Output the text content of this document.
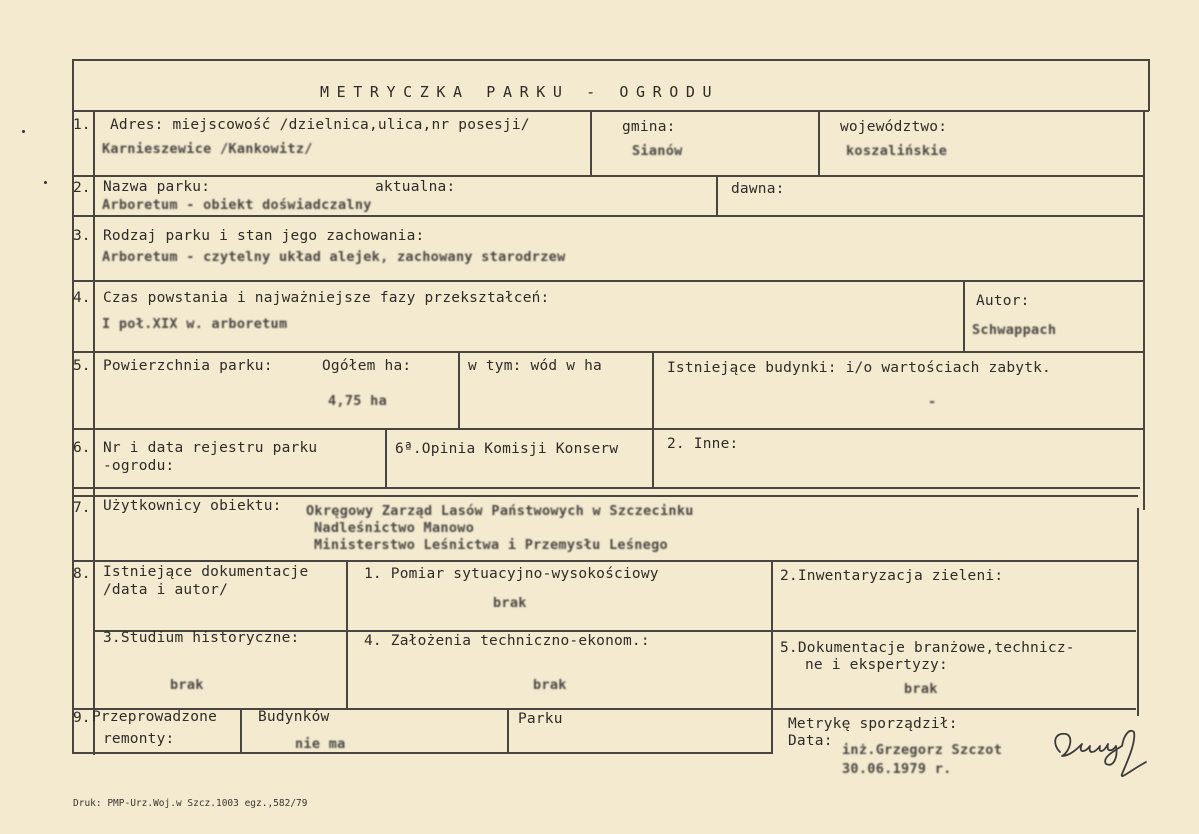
METRYCZKA PARKU - OGRODU
1. Adres: miejscowość /dzielnica,ulica,nr posesji/
Karnieszewice /Kankowitz/
gmina:
Sianów
województwo:
koszalińskie
2. Nazwa parku:	aktualna:
Arboretum - obiekt doświadczalny
dawna:
3. Rodzaj parku i stan jego zachowania:
Arboretum - czytelny układ alejek, zachowany starodrzew
4. Czas powstania i najważniejsze fazy przekształceń:
I poł.XIX w. arboretum
Autor:
Schwappach
5. Powierzchnia parku:	Ogółem ha:
4,75 ha
w tym: wód w ha	Istniejące budynki: i/o wartościach zabytk.
-
6. Nr i data rejestru parku
-ogrodu:
6ª.Opinia Komisji Konserw	2. Inne:
7. Użytkownicy obiektu: Okręgowy Zarząd Lasów Państwowych w Szczecinku
Nadleśnictwo Manowo
Ministerstwo Leśnictwa i Przemysłu Leśnego
8. Istniejące dokumentacje
/data i autor/
1. Pomiar sytuacyjno-wysokościowy
brak
2.Inwentaryzacja zieleni:
3.Studium historyczne:
brak
4. Założenia techniczno-ekonom.:
brak
5.Dokumentacje branżowe,technicz-
ne i ekspertyzy:
brak
9. Przeprowadzone
remonty:
Budynków
nie ma
Parku	Metrykę sporządził:
Data:
inż.Grzegorz Szczot
30.06.1979 r.
Druk: PMP-Urz.Woj.w Szcz.1003 egz.,582/79
